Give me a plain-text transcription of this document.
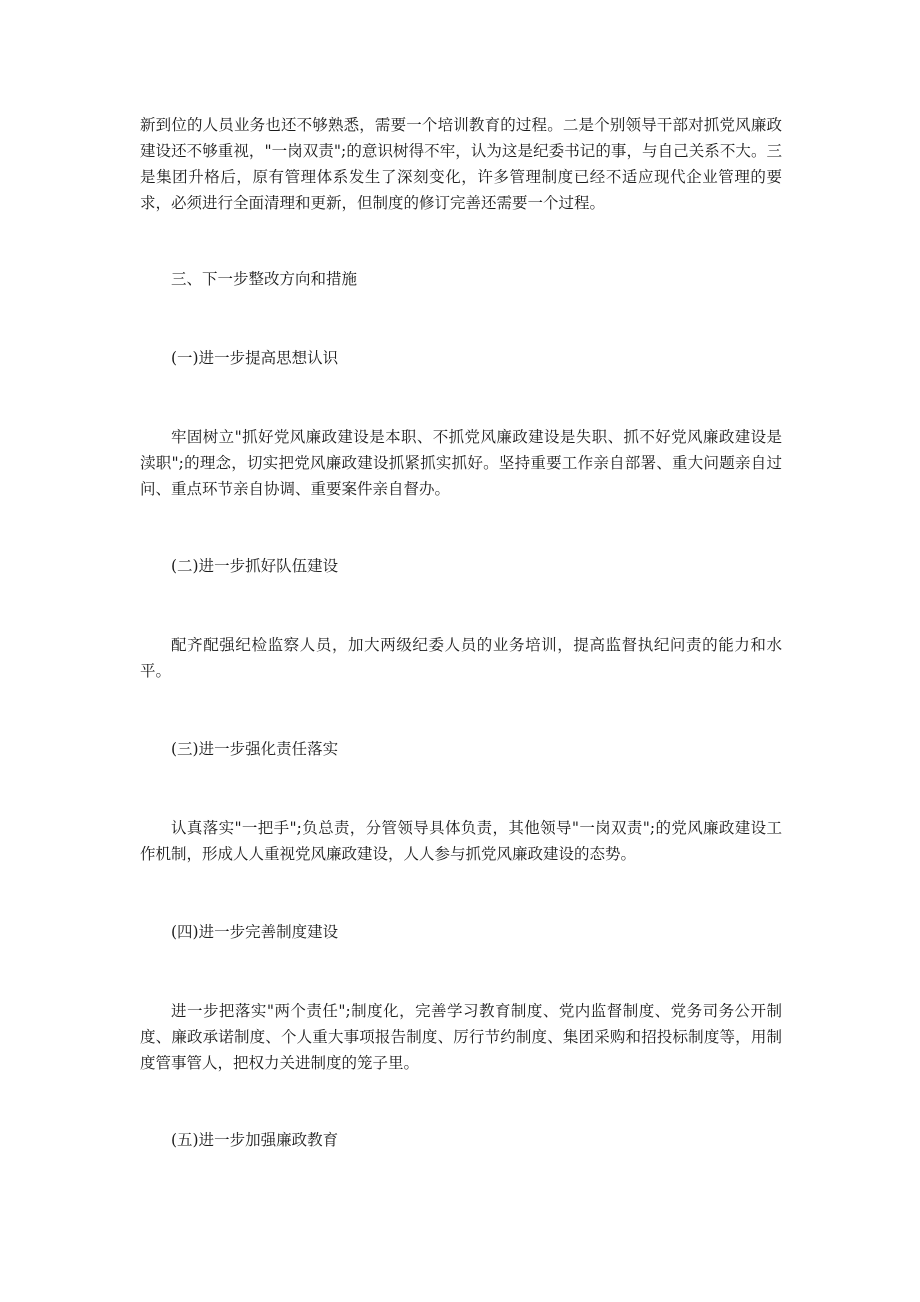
新到位的人员业务也还不够熟悉，需要一个培训教育的过程。二是个别领导干部对抓党风廉政建设还不够重视，"一岗双责";的意识树得不牢，认为这是纪委书记的事，与自己关系不大。三是集团升格后，原有管理体系发生了深刻变化，许多管理制度已经不适应现代企业管理的要求，必须进行全面清理和更新，但制度的修订完善还需要一个过程。

三、下一步整改方向和措施

(一)进一步提高思想认识

牢固树立"抓好党风廉政建设是本职、不抓党风廉政建设是失职、抓不好党风廉政建设是渎职";的理念，切实把党风廉政建设抓紧抓实抓好。坚持重要工作亲自部署、重大问题亲自过问、重点环节亲自协调、重要案件亲自督办。

(二)进一步抓好队伍建设

配齐配强纪检监察人员，加大两级纪委人员的业务培训，提高监督执纪问责的能力和水平。

(三)进一步强化责任落实

认真落实"一把手";负总责，分管领导具体负责，其他领导"一岗双责";的党风廉政建设工作机制，形成人人重视党风廉政建设，人人参与抓党风廉政建设的态势。

(四)进一步完善制度建设

进一步把落实"两个责任";制度化，完善学习教育制度、党内监督制度、党务司务公开制度、廉政承诺制度、个人重大事项报告制度、厉行节约制度、集团采购和招投标制度等，用制度管事管人，把权力关进制度的笼子里。

(五)进一步加强廉政教育
